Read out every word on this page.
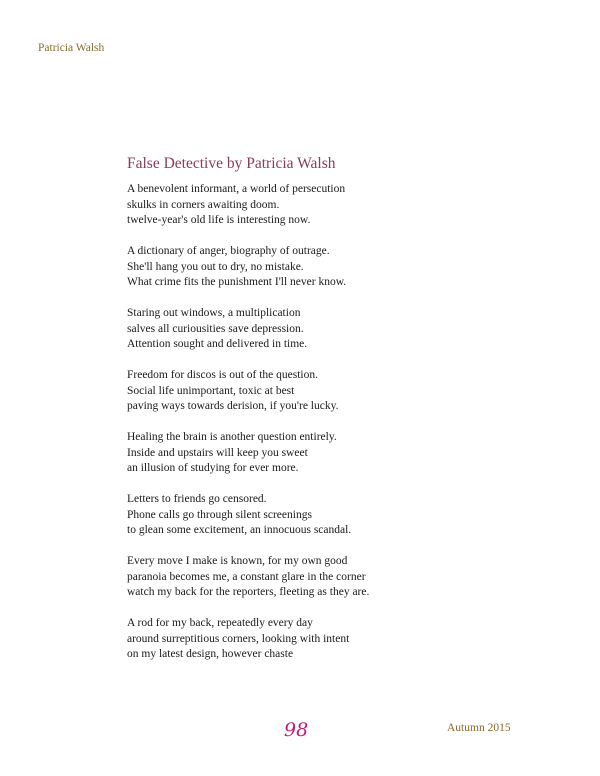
Patricia Walsh
False Detective by Patricia Walsh

A benevolent informant, a world of persecution
skulks in corners awaiting doom.
twelve-year's old life is interesting now.

A dictionary of anger, biography of outrage.
She'll hang you out to dry, no mistake.
What crime fits the punishment I'll never know.

Staring out windows, a multiplication
salves all curiousities save depression.
Attention sought and delivered in time.

Freedom for discos is out of the question.
Social life unimportant, toxic at best
paving ways towards derision, if you're lucky.

Healing the brain is another question entirely.
Inside and upstairs will keep you sweet
an illusion of studying for ever more.

Letters to friends go censored.
Phone calls go through silent screenings
to glean some excitement, an innocuous scandal.

Every move I make is known, for my own good
paranoia becomes me, a constant glare in the corner
watch my back for the reporters, fleeting as they are.

A rod for my back, repeatedly every day
around surreptitious corners, looking with intent
on my latest design, however chaste

98	Autumn 2015
